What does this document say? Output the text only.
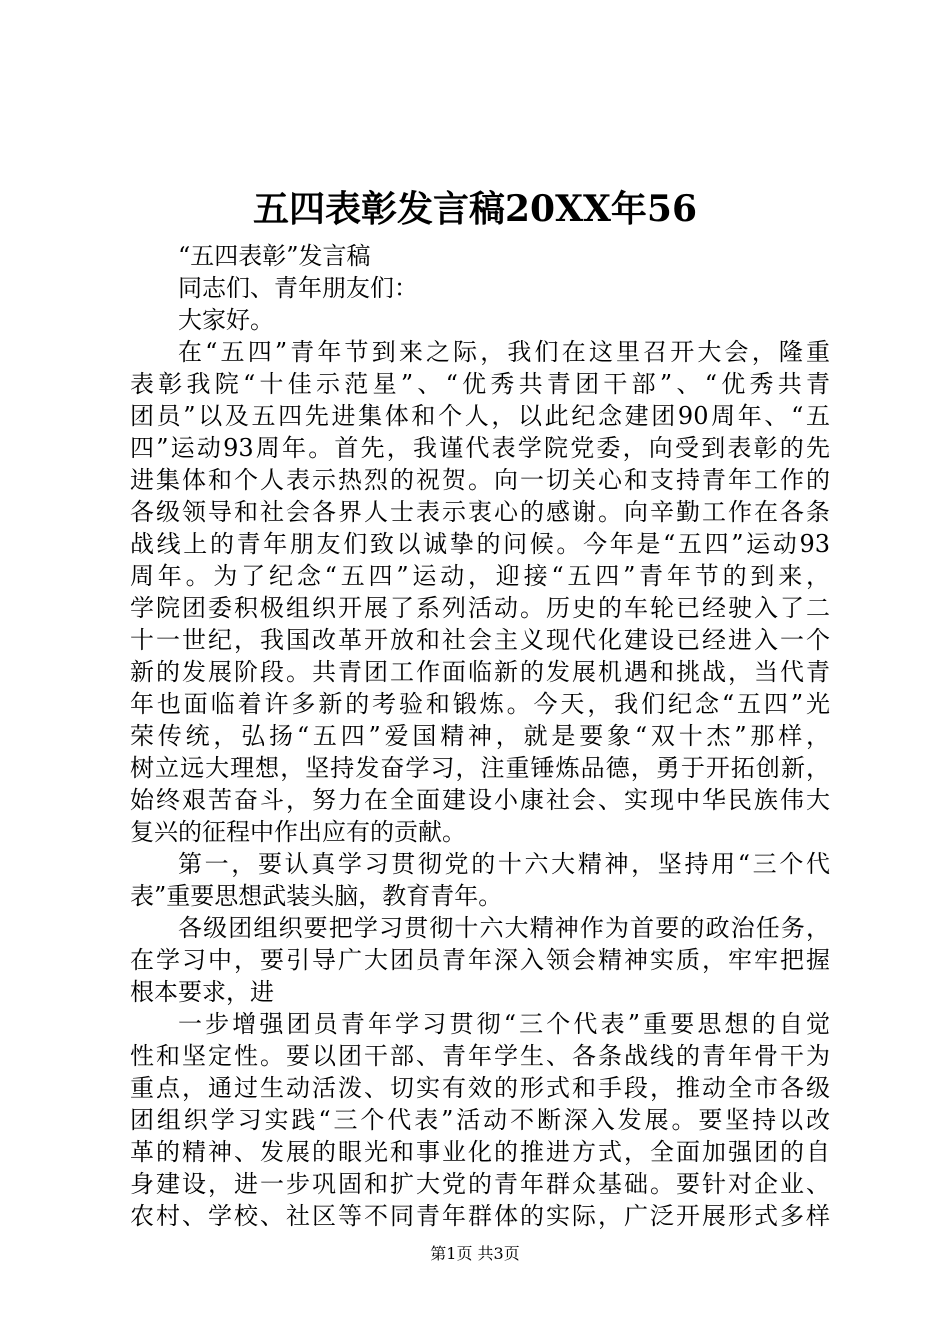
五四表彰发言稿20XX年56
“五四表彰”发言稿
同志们、青年朋友们：
大家好。
在“五四”青年节到来之际，我们在这里召开大会，隆重
表彰我院“十佳示范星”、“优秀共青团干部”、“优秀共青
团员”以及五四先进集体和个人，以此纪念建团90周年、“五
四”运动93周年。首先，我谨代表学院党委，向受到表彰的先
进集体和个人表示热烈的祝贺。向一切关心和支持青年工作的
各级领导和社会各界人士表示衷心的感谢。向辛勤工作在各条
战线上的青年朋友们致以诚挚的问候。今年是“五四”运动93
周年。为了纪念“五四”运动，迎接“五四”青年节的到来，
学院团委积极组织开展了系列活动。历史的车轮已经驶入了二
十一世纪，我国改革开放和社会主义现代化建设已经进入一个
新的发展阶段。共青团工作面临新的发展机遇和挑战，当代青
年也面临着许多新的考验和锻炼。今天，我们纪念“五四”光
荣传统，弘扬“五四”爱国精神，就是要象“双十杰”那样，
树立远大理想，坚持发奋学习，注重锤炼品德，勇于开拓创新，
始终艰苦奋斗，努力在全面建设小康社会、实现中华民族伟大
复兴的征程中作出应有的贡献。
第一，要认真学习贯彻党的十六大精神，坚持用“三个代
表”重要思想武装头脑，教育青年。
各级团组织要把学习贯彻十六大精神作为首要的政治任务，
在学习中，要引导广大团员青年深入领会精神实质，牢牢把握
根本要求，进
一步增强团员青年学习贯彻“三个代表”重要思想的自觉
性和坚定性。要以团干部、青年学生、各条战线的青年骨干为
重点，通过生动活泼、切实有效的形式和手段，推动全市各级
团组织学习实践“三个代表”活动不断深入发展。要坚持以改
革的精神、发展的眼光和事业化的推进方式，全面加强团的自
身建设，进一步巩固和扩大党的青年群众基础。要针对企业、
农村、学校、社区等不同青年群体的实际，广泛开展形式多样
第1页 共3页
